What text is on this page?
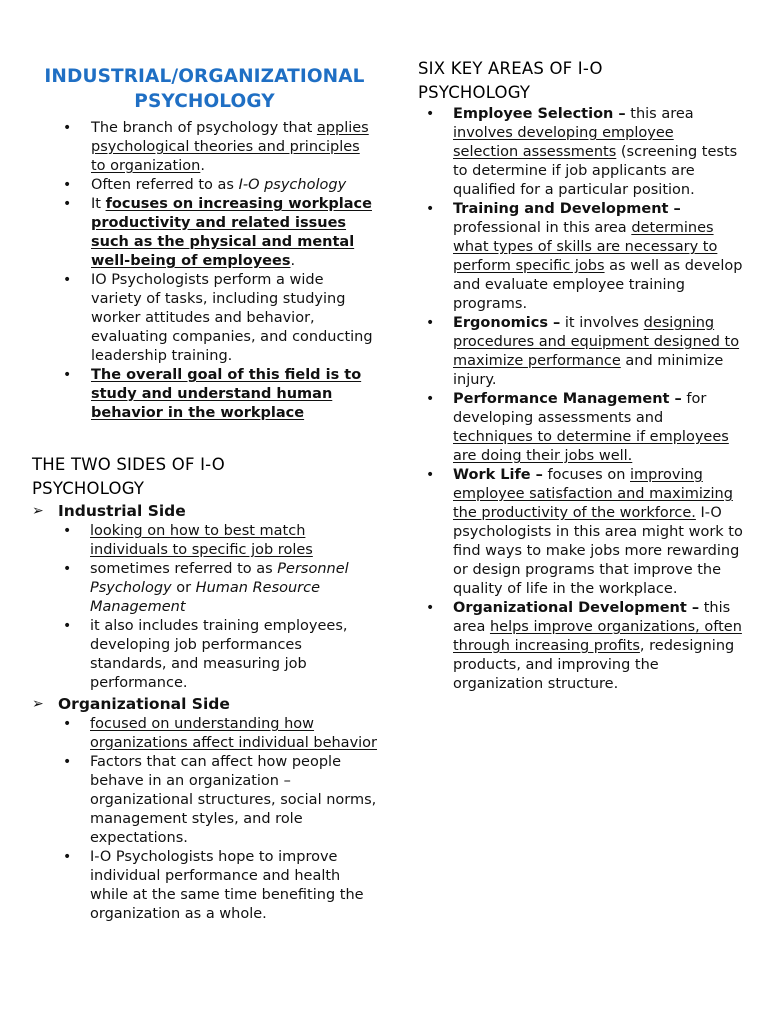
INDUSTRIAL/ORGANIZATIONAL
PSYCHOLOGY
• The branch of psychology that applies psychological theories and principles to organization.
• Often referred to as I-O psychology
• It focuses on increasing workplace productivity and related issues such as the physical and mental well-being of employees.
• IO Psychologists perform a wide variety of tasks, including studying worker attitudes and behavior, evaluating companies, and conducting leadership training.
• The overall goal of this field is to study and understand human behavior in the workplace
THE TWO SIDES OF I-O
PSYCHOLOGY
➢ Industrial Side
• looking on how to best match individuals to specific job roles
• sometimes referred to as Personnel Psychology or Human Resource Management
• it also includes training employees, developing job performances standards, and measuring job performance.
➢ Organizational Side
• focused on understanding how organizations affect individual behavior
• Factors that can affect how people behave in an organization – organizational structures, social norms, management styles, and role expectations.
• I-O Psychologists hope to improve individual performance and health while at the same time benefiting the organization as a whole.
SIX KEY AREAS OF I-O
PSYCHOLOGY
• Employee Selection – this area involves developing employee selection assessments (screening tests to determine if job applicants are qualified for a particular position.
• Training and Development – professional in this area determines what types of skills are necessary to perform specific jobs as well as develop and evaluate employee training programs.
• Ergonomics – it involves designing procedures and equipment designed to maximize performance and minimize injury.
• Performance Management – for developing assessments and techniques to determine if employees are doing their jobs well.
• Work Life – focuses on improving employee satisfaction and maximizing the productivity of the workforce. I-O psychologists in this area might work to find ways to make jobs more rewarding or design programs that improve the quality of life in the workplace.
• Organizational Development – this area helps improve organizations, often through increasing profits, redesigning products, and improving the organization structure.
